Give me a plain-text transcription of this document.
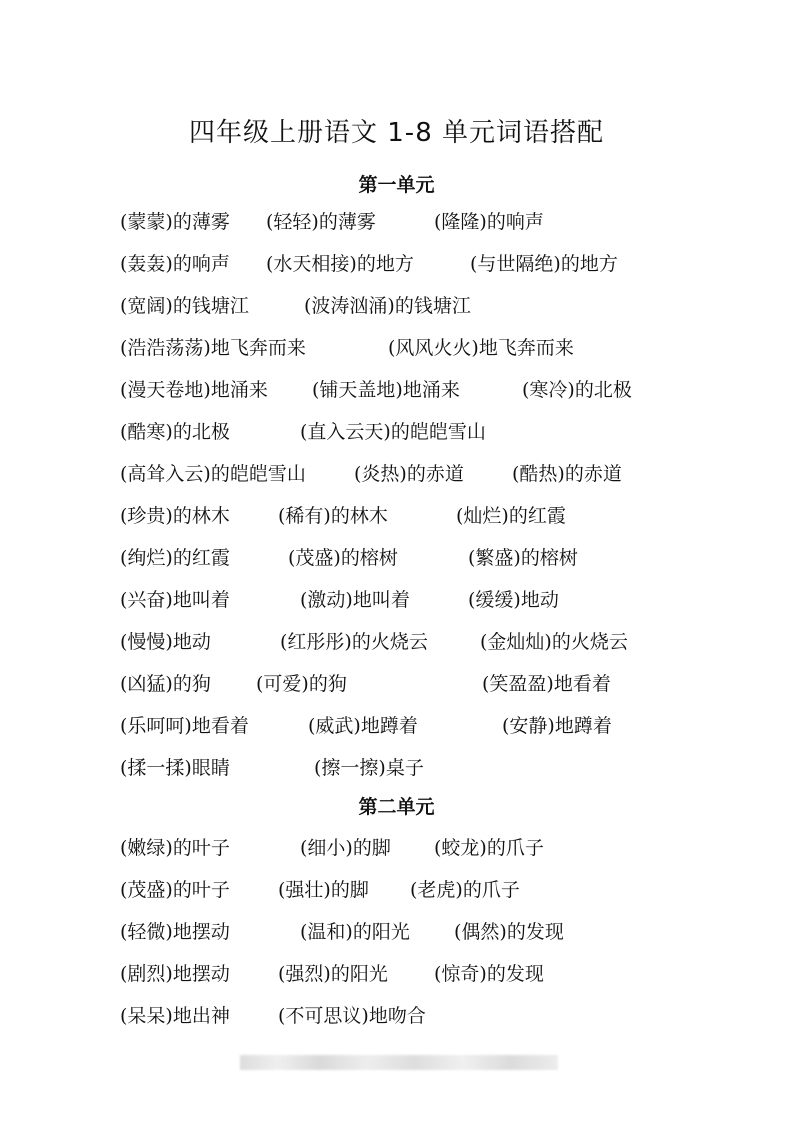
四年级上册语文 1-8 单元词语搭配
第一单元
(蒙蒙)的薄雾 (轻轻)的薄雾	(隆隆)的响声
(轰轰)的响声 (水天相接)的地方	(与世隔绝)的地方
(宽阔)的钱塘江	(波涛汹涌)的钱塘江
(浩浩荡荡)地飞奔而来	(风风火火)地飞奔而来
(漫天卷地)地涌来 (铺天盖地)地涌来	(寒冷)的北极
(酷寒)的北极	(直入云天)的皑皑雪山
(高耸入云)的皑皑雪山	(炎热)的赤道	(酷热)的赤道
(珍贵)的林木	(稀有)的林木	(灿烂)的红霞
(绚烂)的红霞	(茂盛)的榕树	(繁盛)的榕树
(兴奋)地叫着	(激动)地叫着	(缓缓)地动
(慢慢)地动	(红彤彤)的火烧云	(金灿灿)的火烧云
(凶猛)的狗 (可爱)的狗	(笑盈盈)地看着
(乐呵呵)地看着	(威武)地蹲着	(安静)地蹲着
(揉一揉)眼睛	(擦一擦)桌子
第二单元
(嫩绿)的叶子	(细小)的脚 (蛟龙)的爪子
(茂盛)的叶子	(强壮)的脚 (老虎)的爪子
(轻微)地摆动	(温和)的阳光 (偶然)的发现
(剧烈)地摆动	(强烈)的阳光 (惊奇)的发现
(呆呆)地出神	(不可思议)地吻合
